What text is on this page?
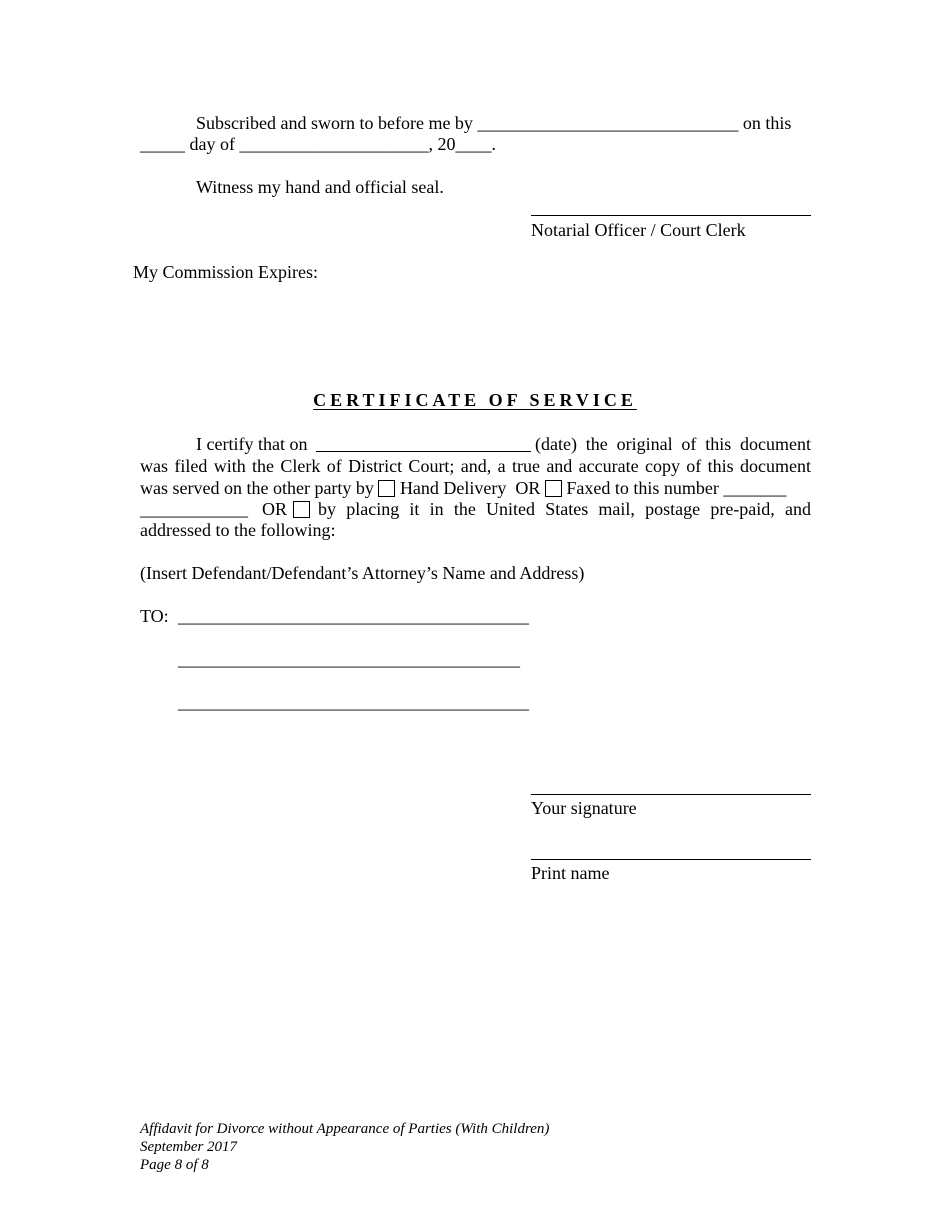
Subscribed and sworn to before me by _____________________________ on this
_____ day of _____________________, 20____.
Witness my hand and official seal.
Notarial Officer / Court Clerk
My Commission Expires:
CERTIFICATE OF SERVICE
I certify that on	(date) the original of this document
was filed with the Clerk of District Court; and, a true and accurate copy of this document
was served on the other party by Hand Delivery OR Faxed to this number _______
____________ OR by placing it in the United States mail, postage pre-paid, and
addressed to the following:
(Insert Defendant/Defendant’s Attorney’s Name and Address)
TO: _______________________________________
______________________________________
_______________________________________
Your signature
Print name
Affidavit for Divorce without Appearance of Parties (With Children)
September 2017
Page 8 of 8
